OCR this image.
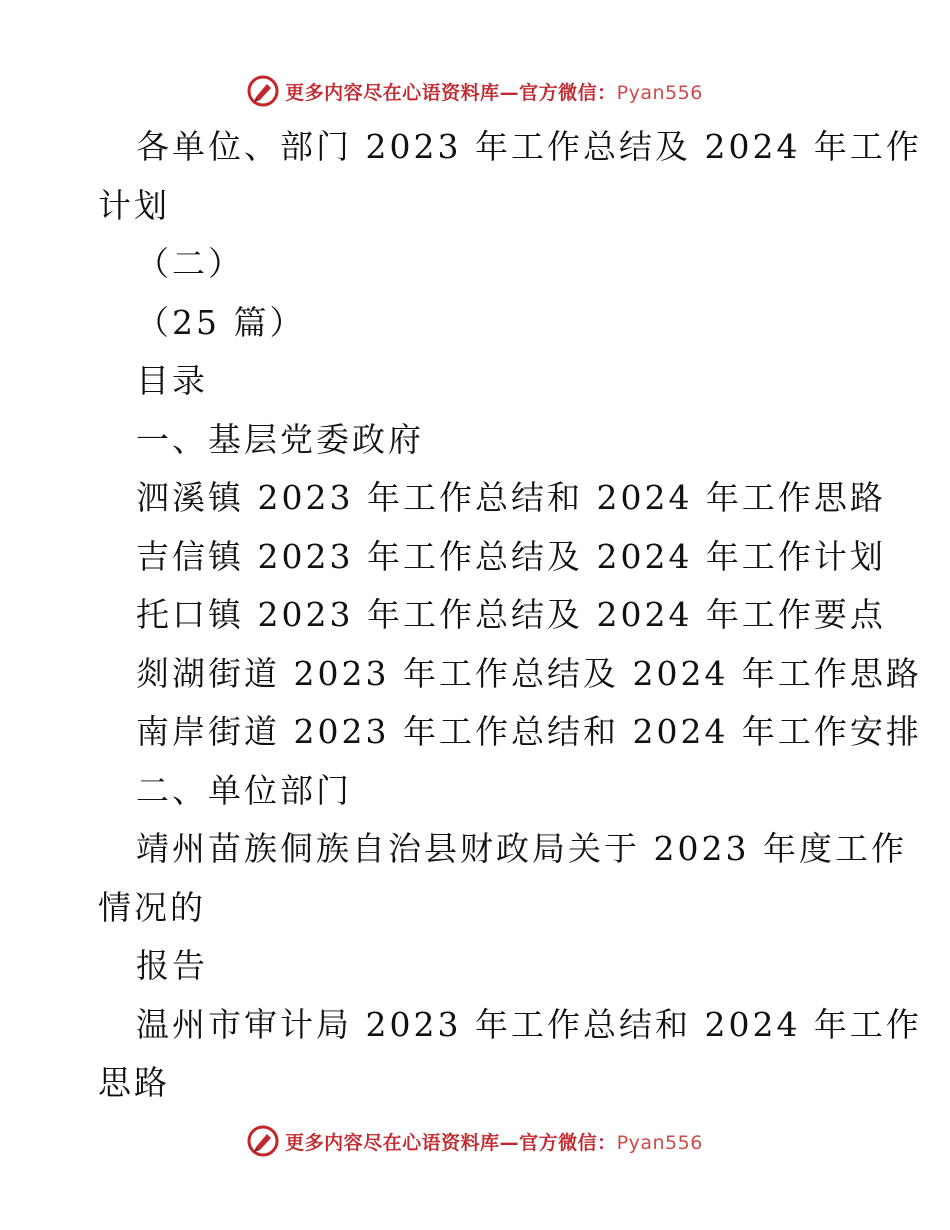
更多内容尽在心语资料库—官方微信：Pyan556
各单位、部门 2023 年工作总结及 2024 年工作
计划
（二）
（25 篇）
目录
一、基层党委政府
泗溪镇 2023 年工作总结和 2024 年工作思路
吉信镇 2023 年工作总结及 2024 年工作计划
托口镇 2023 年工作总结及 2024 年工作要点
剡湖街道 2023 年工作总结及 2024 年工作思路
南岸街道 2023 年工作总结和 2024 年工作安排
二、单位部门
靖州苗族侗族自治县财政局关于 2023 年度工作
情况的
报告
温州市审计局 2023 年工作总结和 2024 年工作
思路
更多内容尽在心语资料库—官方微信：Pyan556
